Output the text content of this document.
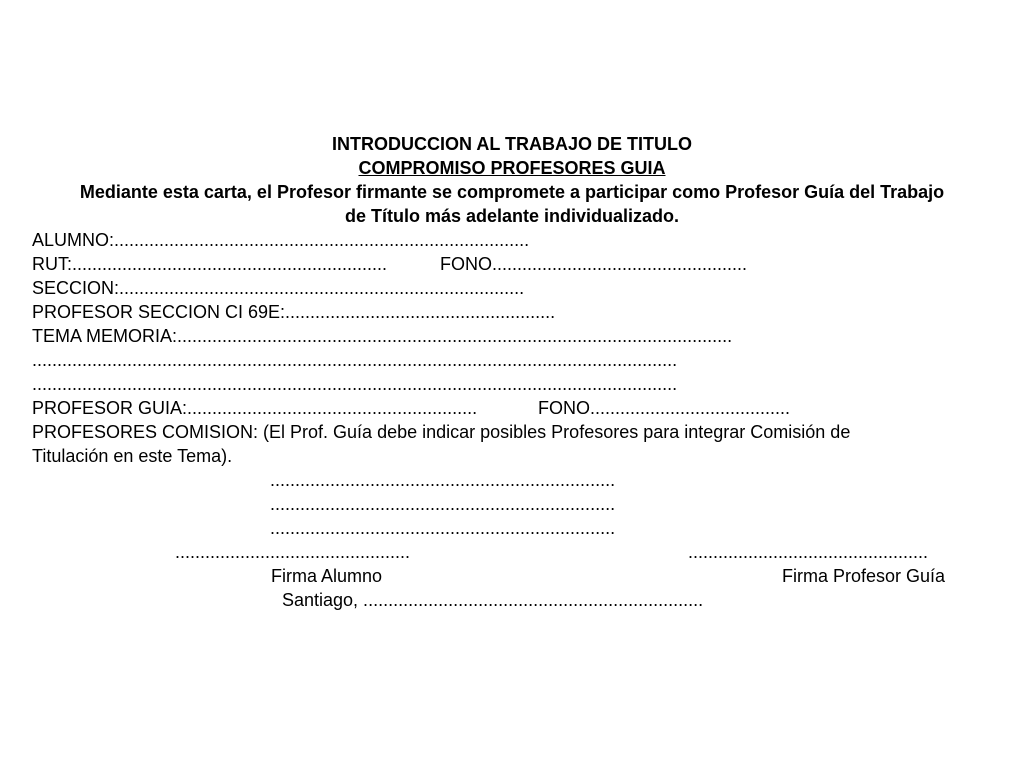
INTRODUCCION AL TRABAJO DE TITULO
COMPROMISO PROFESORES GUIA
Mediante esta carta, el Profesor firmante se compromete a participar como Profesor Guía del Trabajo
de Título más adelante individualizado.
ALUMNO:...................................................................................
RUT:...............................................................	FONO...................................................
SECCION:.................................................................................
PROFESOR SECCION CI 69E:......................................................
TEMA MEMORIA:...............................................................................................................
.................................................................................................................................
.................................................................................................................................
PROFESOR GUIA:..........................................................	FONO........................................
PROFESORES COMISION: (El Prof. Guía debe indicar posibles Profesores para integrar Comisión de
Titulación en este Tema).
.....................................................................
.....................................................................
.....................................................................
...............................................	................................................
Firma Alumno	Firma Profesor Guía
Santiago, ....................................................................
